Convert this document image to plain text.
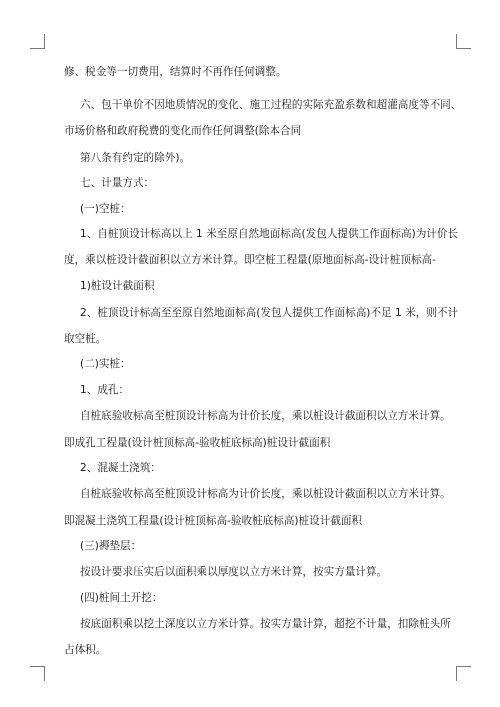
修、税金等一切费用，结算时不再作任何调整。
六、包干单价不因地质情况的变化、施工过程的实际充盈系数和超灌高度等不同、
市场价格和政府税费的变化而作任何调整(除本合同
第八条有约定的除外)。
七、计量方式：
(一)空桩：
1、自桩顶设计标高以上 1 米至原自然地面标高(发包人提供工作面标高)为计价长
度，乘以桩设计截面积以立方米计算。即空桩工程量(原地面标高-设计桩顶标高-
1)桩设计截面积
2、桩顶设计标高至至原自然地面标高(发包人提供工作面标高)不足 1 米，则不计
取空桩。
(二)实桩：
1、成孔：
自桩底验收标高至桩顶设计标高为计价长度，乘以桩设计截面积以立方米计算。
即成孔工程量(设计桩顶标高-验收桩底标高)桩设计截面积
2、混凝土浇筑：
自桩底验收标高至桩顶设计标高为计价长度，乘以桩设计截面积以立方米计算。
即混凝土浇筑工程量(设计桩顶标高-验收桩底标高)桩设计截面积
(三)褥垫层：
按设计要求压实后以面积乘以厚度以立方米计算，按实方量计算。
(四)桩间土开挖：
按底面积乘以挖土深度以立方米计算。按实方量计算，超挖不计量，扣除桩头所
占体积。
